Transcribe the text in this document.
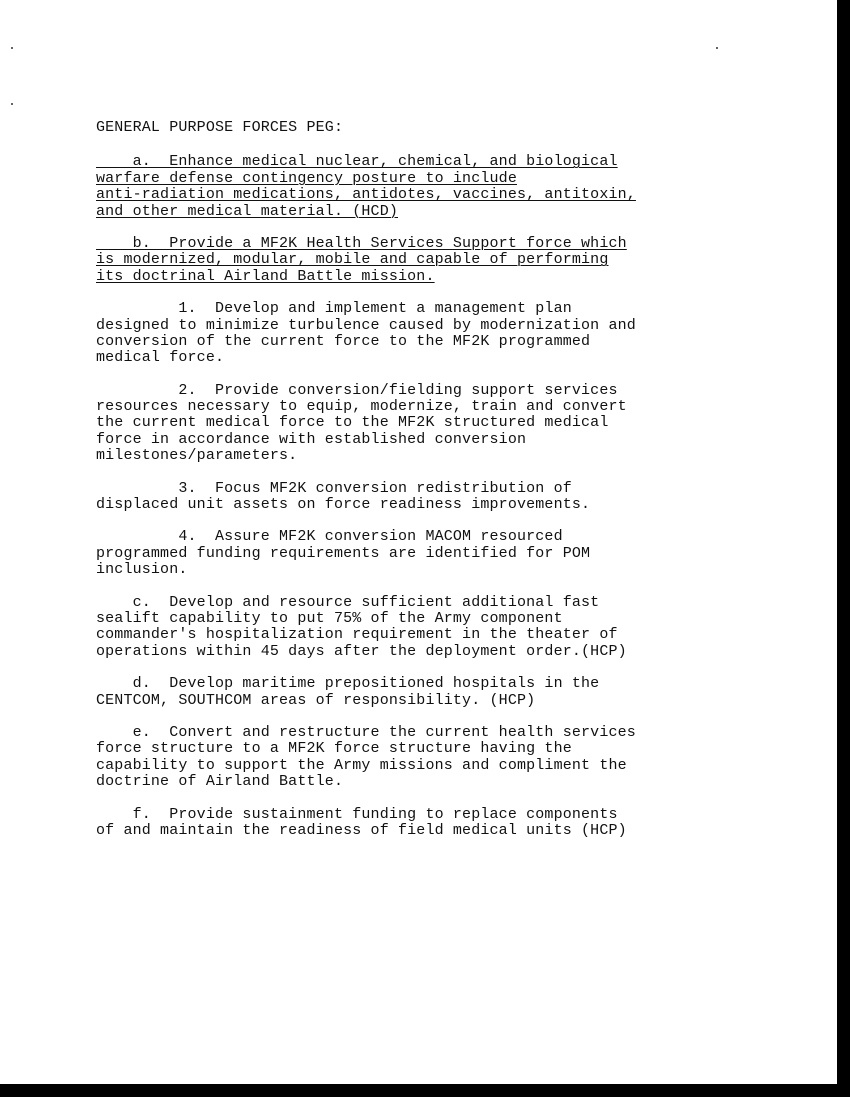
GENERAL PURPOSE FORCES PEG:
a.  Enhance medical nuclear, chemical, and biological
warfare defense contingency posture to include
anti-radiation medications, antidotes, vaccines, antitoxin,
and other medical material. (HCD)
b.  Provide a MF2K Health Services Support force which
is modernized, modular, mobile and capable of performing
its doctrinal Airland Battle mission.
1.  Develop and implement a management plan
designed to minimize turbulence caused by modernization and
conversion of the current force to the MF2K programmed
medical force.
2.  Provide conversion/fielding support services
resources necessary to equip, modernize, train and convert
the current medical force to the MF2K structured medical
force in accordance with established conversion
milestones/parameters.
3.  Focus MF2K conversion redistribution of
displaced unit assets on force readiness improvements.
4.  Assure MF2K conversion MACOM resourced
programmed funding requirements are identified for POM
inclusion.
c.  Develop and resource sufficient additional fast
sealift capability to put 75% of the Army component
commander's hospitalization requirement in the theater of
operations within 45 days after the deployment order.(HCP)
d.  Develop maritime prepositioned hospitals in the
CENTCOM, SOUTHCOM areas of responsibility. (HCP)
e.  Convert and restructure the current health services
force structure to a MF2K force structure having the
capability to support the Army missions and compliment the
doctrine of Airland Battle.
f.  Provide sustainment funding to replace components
of and maintain the readiness of field medical units (HCP)
